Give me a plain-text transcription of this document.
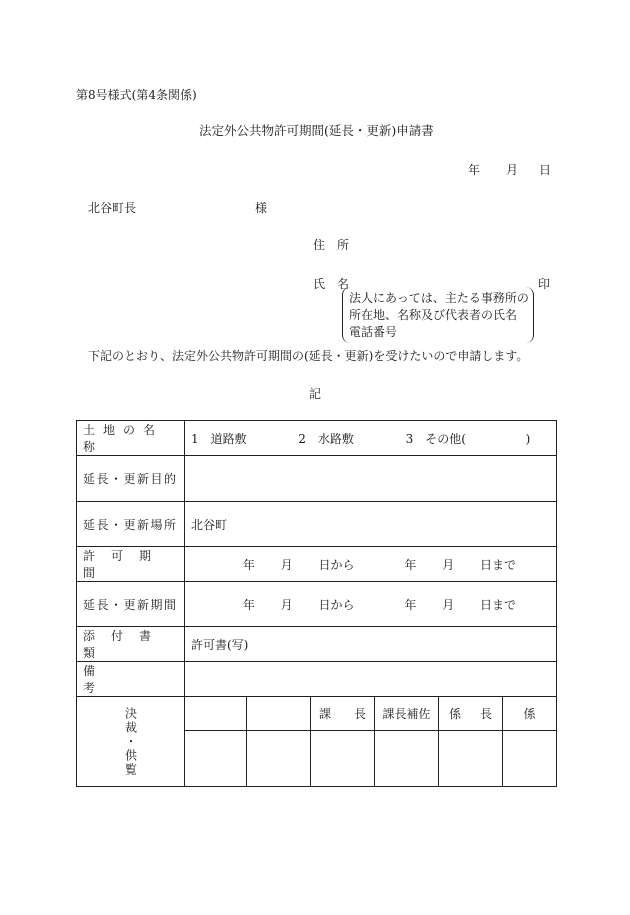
第8号様式(第4条関係)
法定外公共物許可期間(延長・更新)申請書
年 月 日
北谷町長	様
住　所
氏　名	印
法人にあっては、主たる事務所の
所在地、名称及び代表者の氏名
電話番号
下記のとおり、法定外公共物許可期間の(延長・更新)を受けたいので申請します。
記
土地の名称	1　道路敷 2　水路敷 3　その他( )					
延長・更新目的						
延長・更新場所	北谷町					
許可期間	年 月 日から 年 月 日まで					
延長・更新期間	年 月 日から 年 月 日まで					
添付書類	許可書(写)					
備考						

決裁・供覧			課 長	課長補佐	係 長	係
